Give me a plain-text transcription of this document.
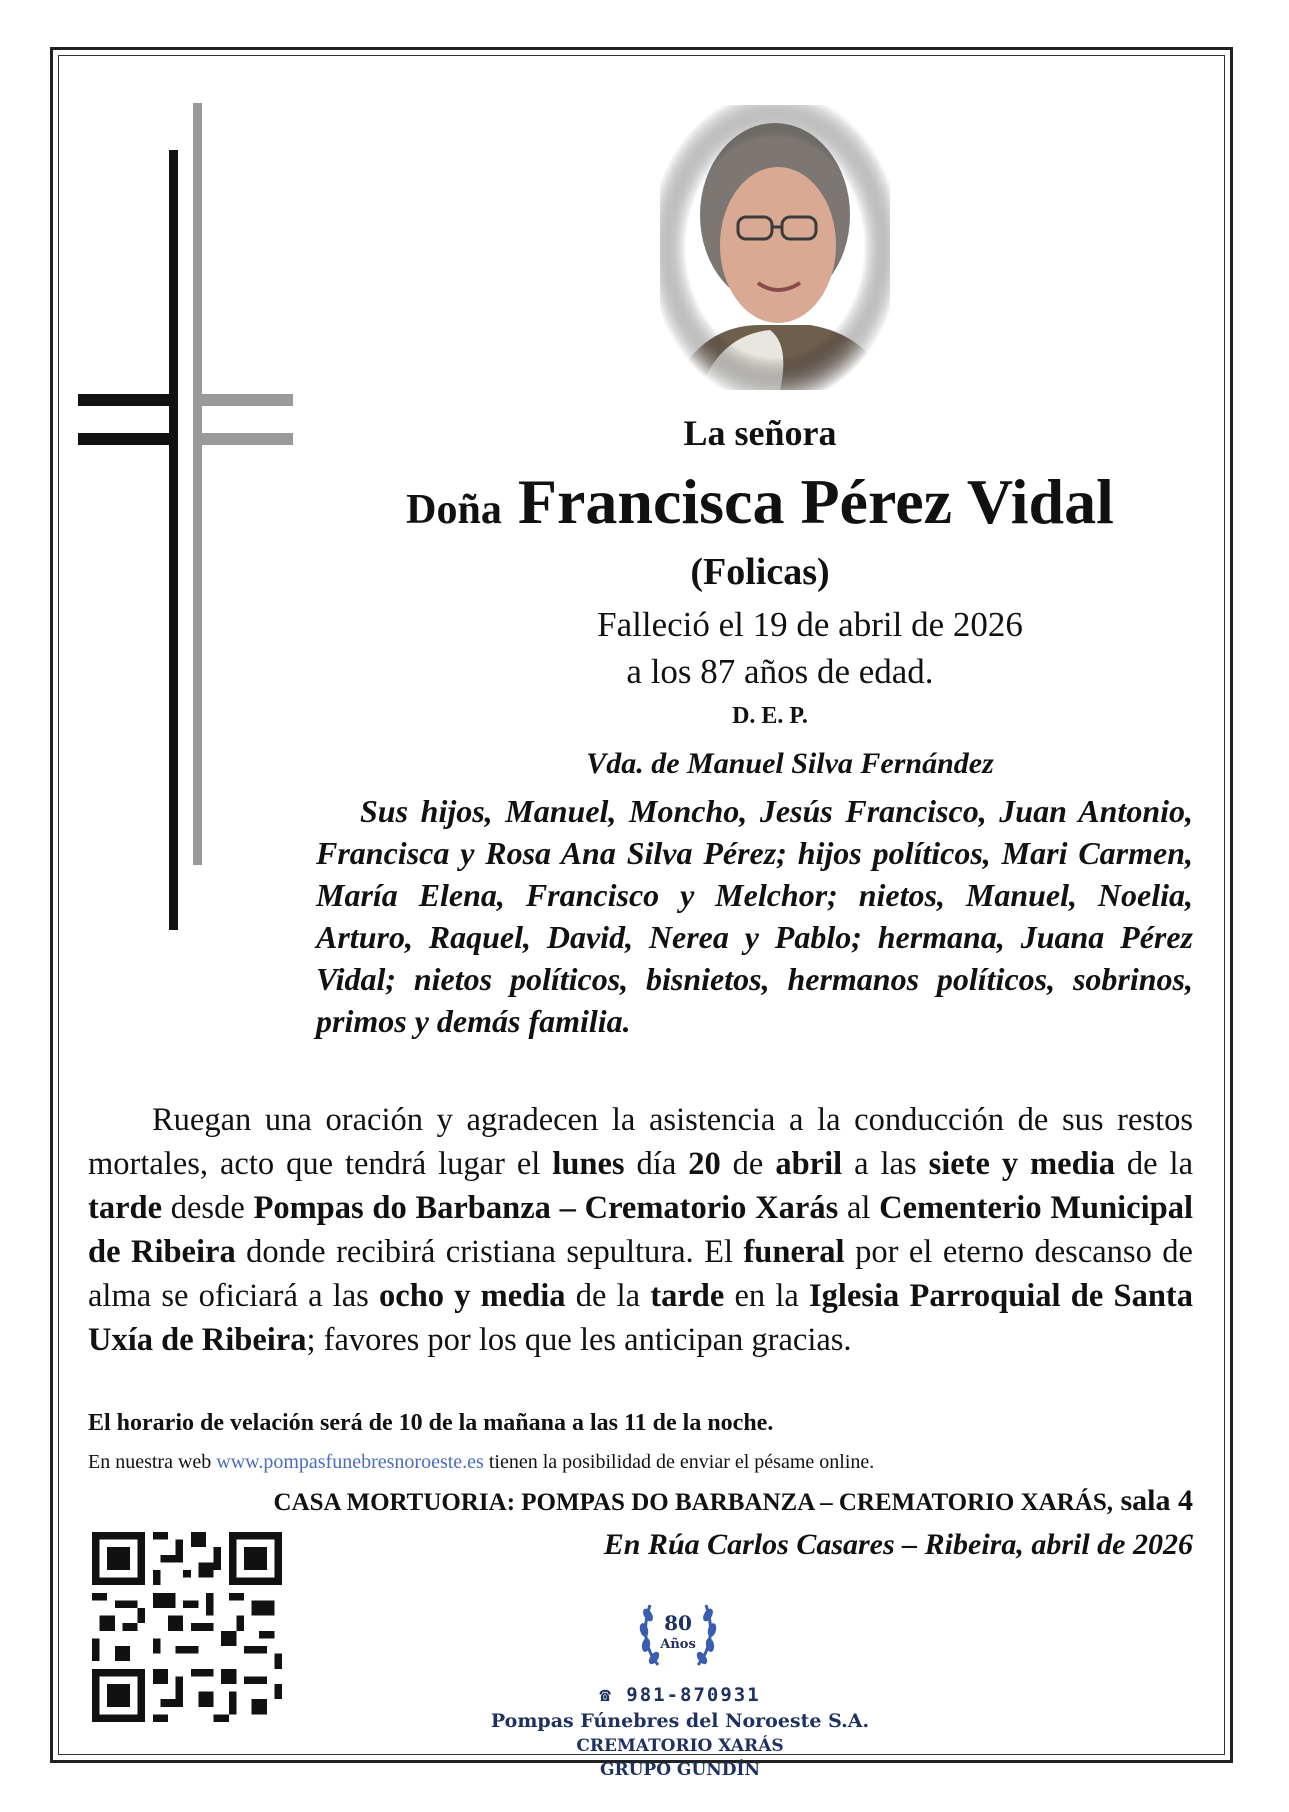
La señora
Doña Francisca Pérez Vidal
(Folicas)
Falleció el 19 de abril de 2026
a los 87 años de edad.
D. E. P.
Vda. de Manuel Silva Fernández
Sus hijos, Manuel, Moncho, Jesús Francisco, Juan Antonio, Francisca y Rosa Ana Silva Pérez; hijos políticos, Mari Carmen, María Elena, Francisco y Melchor; nietos, Manuel, Noelia, Arturo, Raquel, David, Nerea y Pablo; hermana, Juana Pérez Vidal; nietos políticos, bisnietos, hermanos políticos, sobrinos, primos y demás familia.
Ruegan una oración y agradecen la asistencia a la conducción de sus restos mortales, acto que tendrá lugar el lunes día 20 de abril a las siete y media de la tarde desde Pompas do Barbanza – Crematorio Xarás al Cementerio Municipal de Ribeira donde recibirá cristiana sepultura. El funeral por el eterno descanso de alma se oficiará a las ocho y media de la tarde en la Iglesia Parroquial de Santa Uxía de Ribeira; favores por los que les anticipan gracias.
El horario de velación será de 10 de la mañana a las 11 de la noche.
En nuestra web www.pompasfunebresnoroeste.es tienen la posibilidad de enviar el pésame online.
CASA MORTUORIA: POMPAS DO BARBANZA – CREMATORIO XARÁS, sala 4
En Rúa Carlos Casares – Ribeira, abril de 2026
80
Años
☎ 981-870931
Pompas Fúnebres del Noroeste S.A.
CREMATORIO XARÁS
GRUPO GUNDÍN
